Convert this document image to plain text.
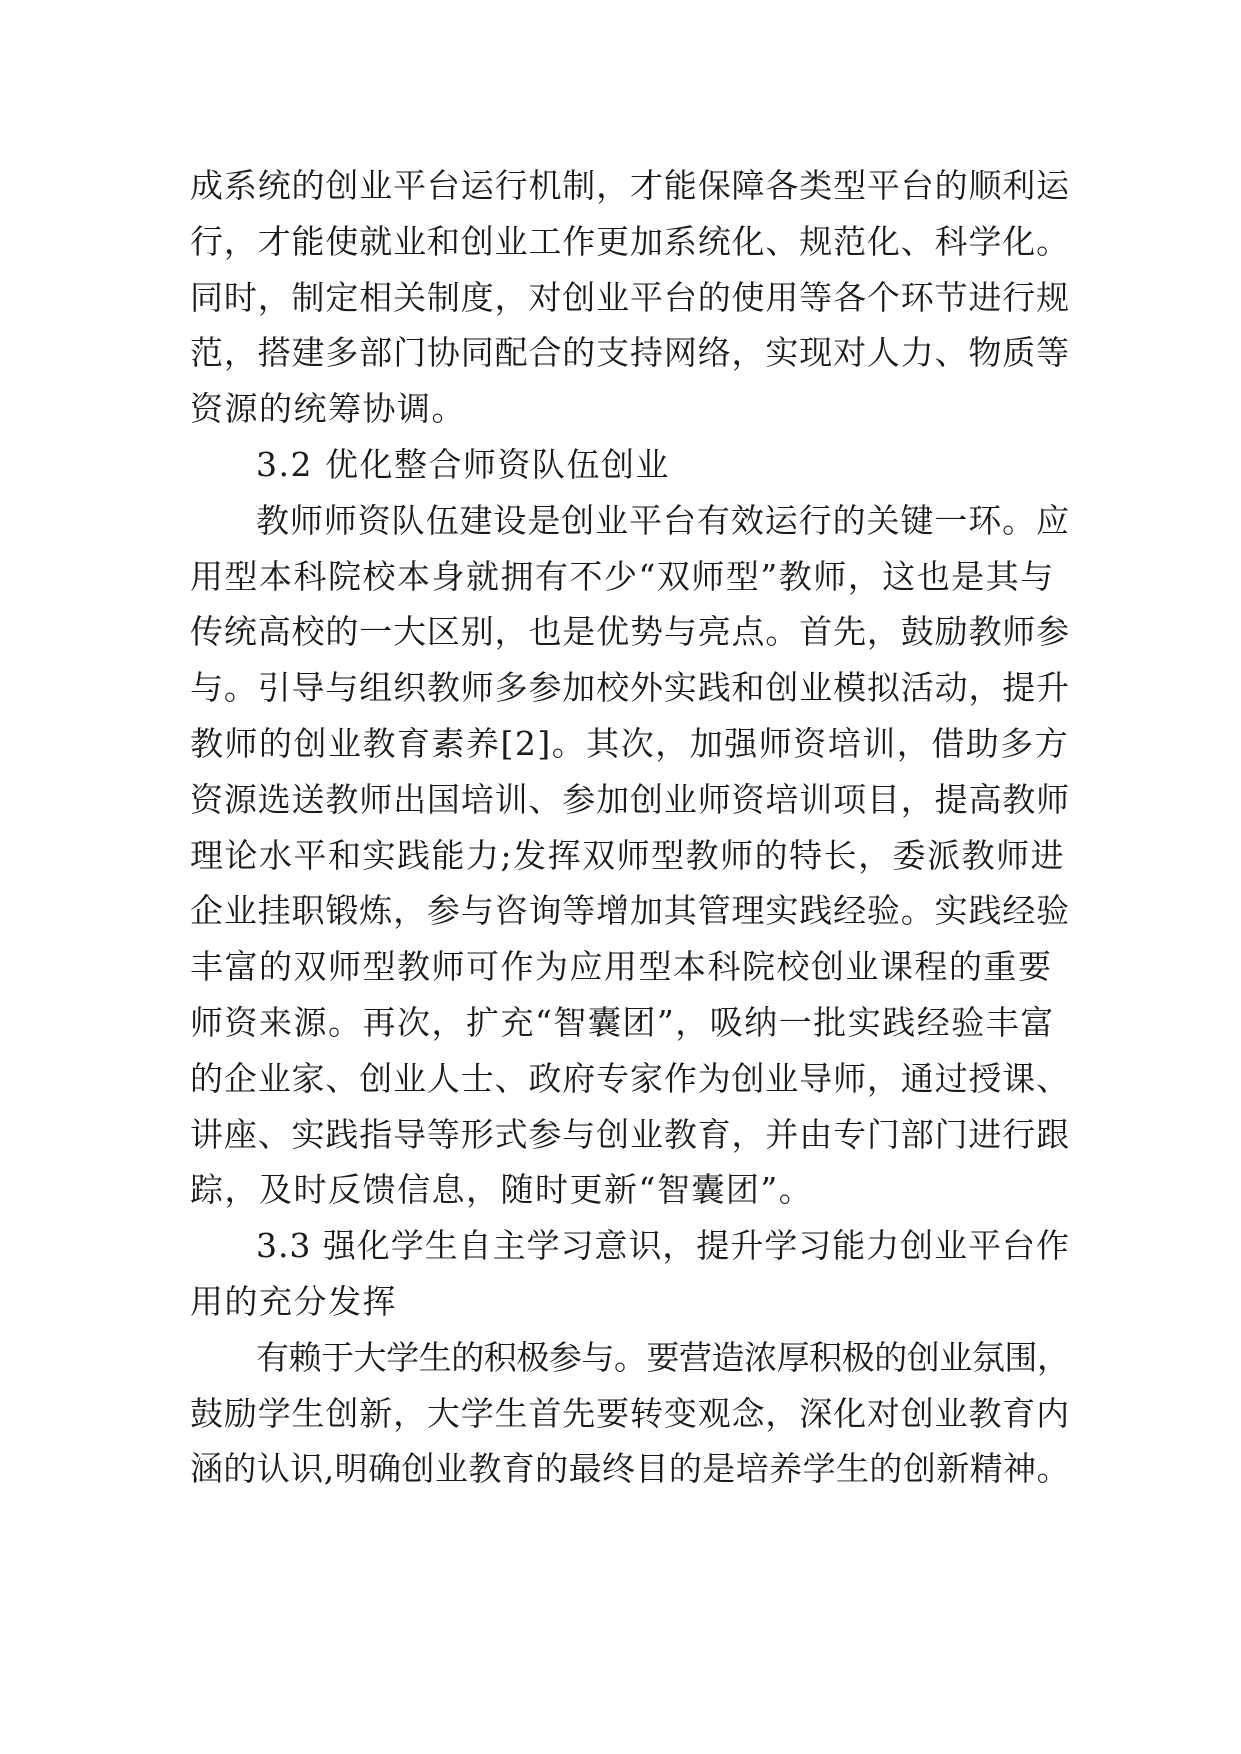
成系统的创业平台运行机制，才能保障各类型平台的顺利运
行，才能使就业和创业工作更加系统化、规范化、科学化。
同时，制定相关制度，对创业平台的使用等各个环节进行规
范，搭建多部门协同配合的支持网络，实现对人力、物质等
资源的统筹协调。
3.2 优化整合师资队伍创业
教师师资队伍建设是创业平台有效运行的关键一环。应
用型本科院校本身就拥有不少“双师型”教师，这也是其与
传统高校的一大区别，也是优势与亮点。首先，鼓励教师参
与。引导与组织教师多参加校外实践和创业模拟活动，提升
教师的创业教育素养[2]。其次，加强师资培训，借助多方
资源选送教师出国培训、参加创业师资培训项目，提高教师
理论水平和实践能力;发挥双师型教师的特长，委派教师进
企业挂职锻炼，参与咨询等增加其管理实践经验。实践经验
丰富的双师型教师可作为应用型本科院校创业课程的重要
师资来源。再次，扩充“智囊团”，吸纳一批实践经验丰富
的企业家、创业人士、政府专家作为创业导师，通过授课、
讲座、实践指导等形式参与创业教育，并由专门部门进行跟
踪，及时反馈信息，随时更新“智囊团”。
3.3 强化学生自主学习意识，提升学习能力创业平台作
用的充分发挥
有赖于大学生的积极参与。要营造浓厚积极的创业氛围，
鼓励学生创新，大学生首先要转变观念，深化对创业教育内
涵的认识,明确创业教育的最终目的是培养学生的创新精神。
